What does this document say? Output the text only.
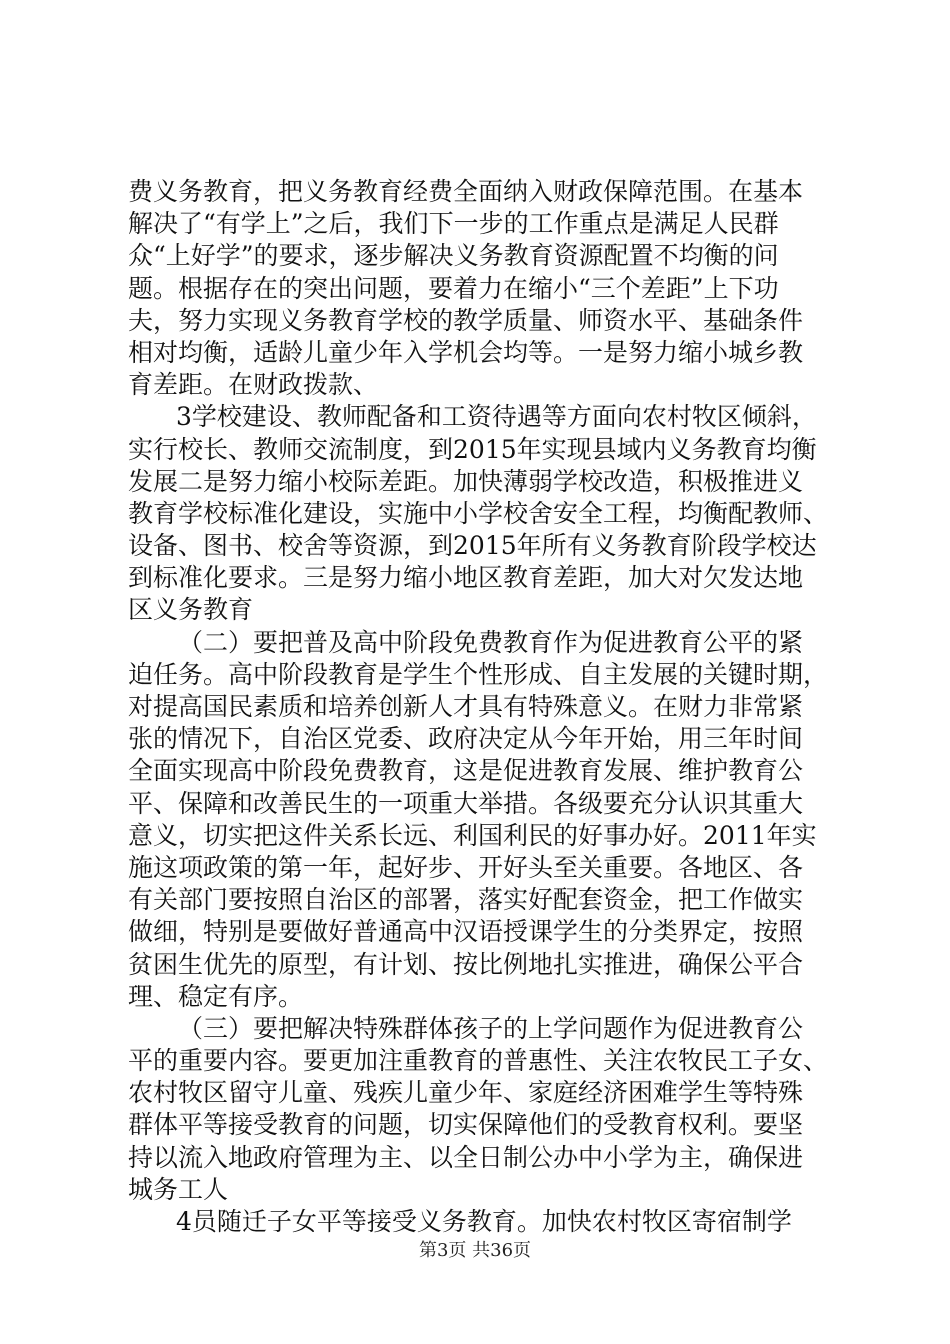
费义务教育，把义务教育经费全面纳入财政保障范围。在基本
解决了“有学上”之后，我们下一步的工作重点是满足人民群
众“上好学”的要求，逐步解决义务教育资源配置不均衡的问
题。根据存在的突出问题，要着力在缩小“三个差距”上下功
夫，努力实现义务教育学校的教学质量、师资水平、基础条件
相对均衡，适龄儿童少年入学机会均等。一是努力缩小城乡教
育差距。在财政拨款、
3学校建设、教师配备和工资待遇等方面向农村牧区倾斜，
实行校长、教师交流制度，到2015年实现县域内义务教育均衡
发展二是努力缩小校际差距。加快薄弱学校改造，积极推进义
教育学校标准化建设，实施中小学校舍安全工程，均衡配教师、
设备、图书、校舍等资源，到2015年所有义务教育阶段学校达
到标准化要求。三是努力缩小地区教育差距，加大对欠发达地
区义务教育
（二）要把普及高中阶段免费教育作为促进教育公平的紧
迫任务。高中阶段教育是学生个性形成、自主发展的关键时期，
对提高国民素质和培养创新人才具有特殊意义。在财力非常紧
张的情况下，自治区党委、政府决定从今年开始，用三年时间
全面实现高中阶段免费教育，这是促进教育发展、维护教育公
平、保障和改善民生的一项重大举措。各级要充分认识其重大
意义，切实把这件关系长远、利国利民的好事办好。2011年实
施这项政策的第一年，起好步、开好头至关重要。各地区、各
有关部门要按照自治区的部署，落实好配套资金，把工作做实
做细，特别是要做好普通高中汉语授课学生的分类界定，按照
贫困生优先的原型，有计划、按比例地扎实推进，确保公平合
理、稳定有序。
（三）要把解决特殊群体孩子的上学问题作为促进教育公
平的重要内容。要更加注重教育的普惠性、关注农牧民工子女、
农村牧区留守儿童、残疾儿童少年、家庭经济困难学生等特殊
群体平等接受教育的问题，切实保障他们的受教育权利。要坚
持以流入地政府管理为主、以全日制公办中小学为主，确保进
城务工人
4员随迁子女平等接受义务教育。加快农村牧区寄宿制学
第3页 共36页
